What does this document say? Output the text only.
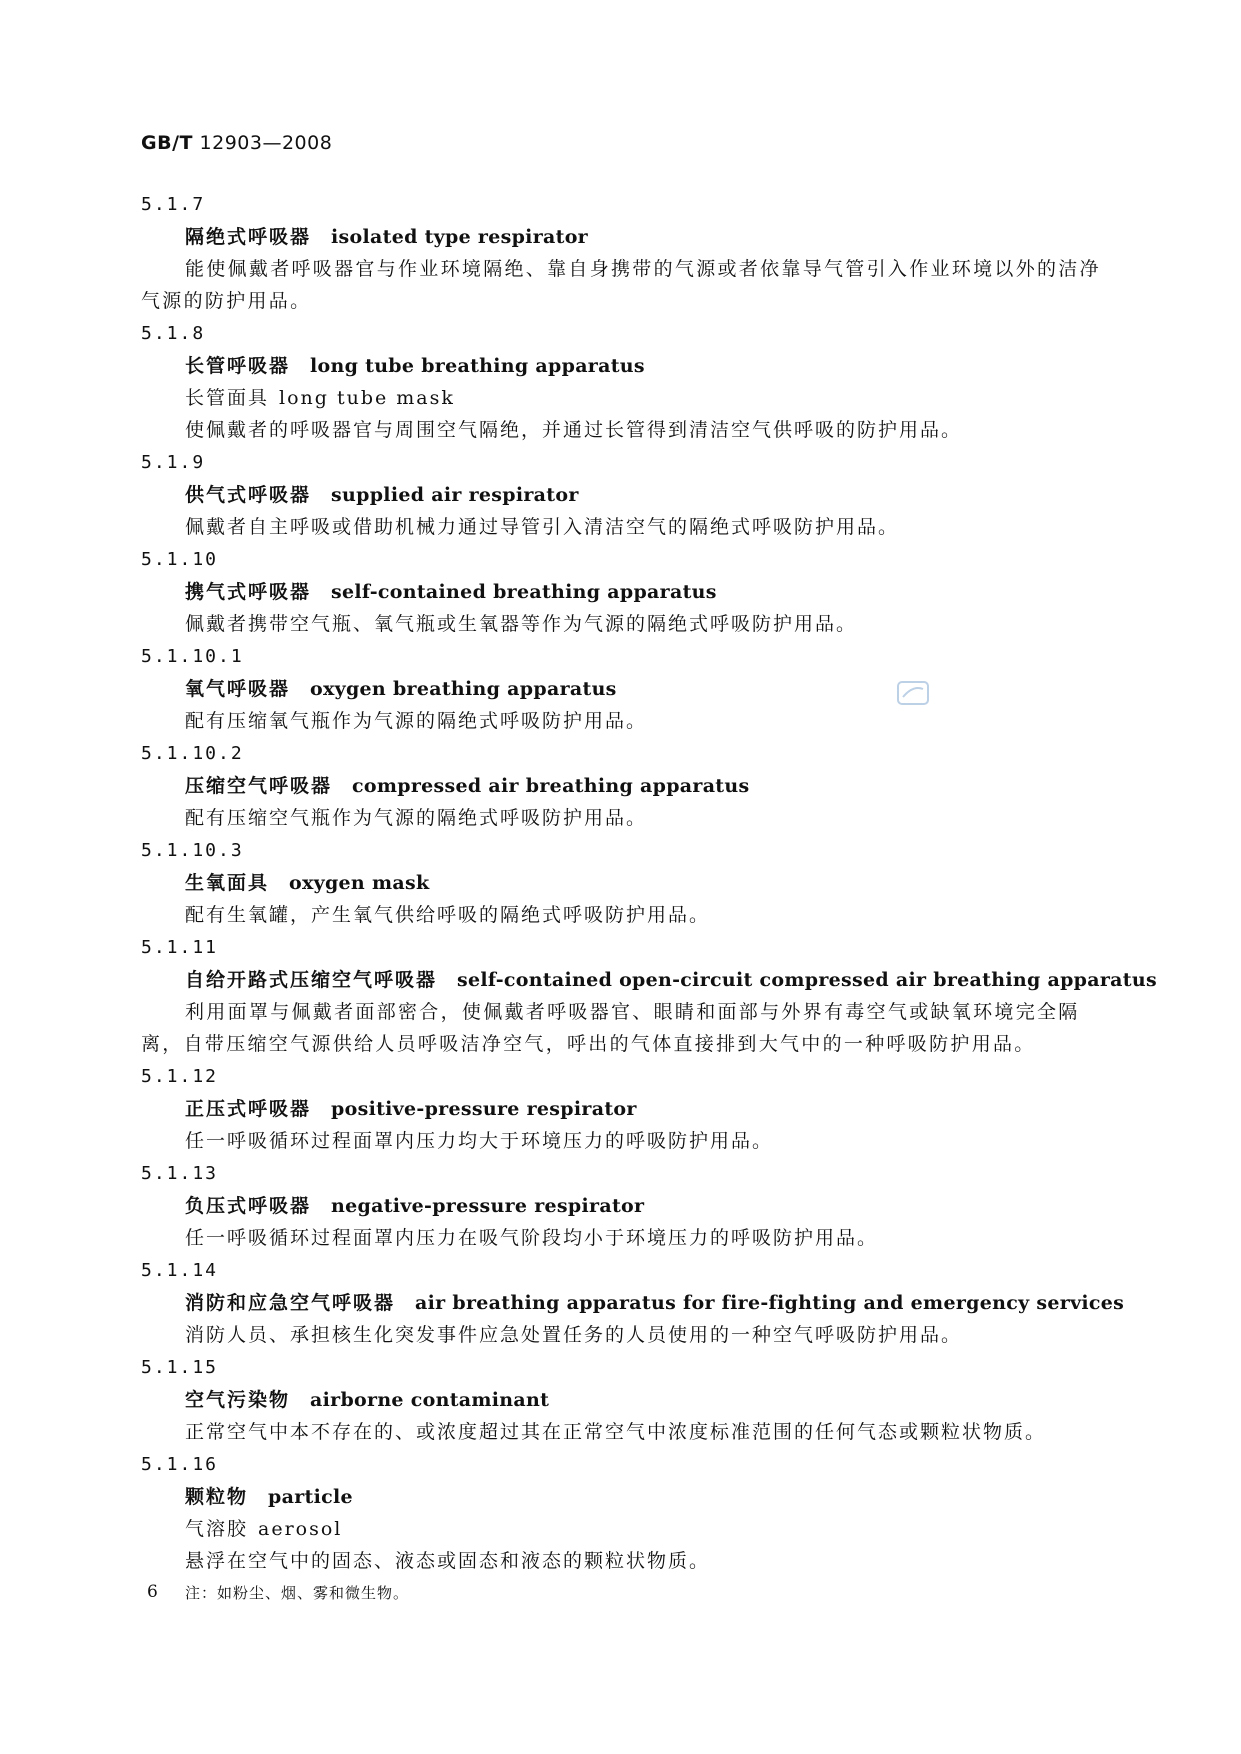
GB/T 12903—2008
5.1.7
隔绝式呼吸器 isolated type respirator
能使佩戴者呼吸器官与作业环境隔绝、靠自身携带的气源或者依靠导气管引入作业环境以外的洁净气源的防护用品。
5.1.8
长管呼吸器 long tube breathing apparatus
长管面具 long tube mask
使佩戴者的呼吸器官与周围空气隔绝，并通过长管得到清洁空气供呼吸的防护用品。
5.1.9
供气式呼吸器 supplied air respirator
佩戴者自主呼吸或借助机械力通过导管引入清洁空气的隔绝式呼吸防护用品。
5.1.10
携气式呼吸器 self-contained breathing apparatus
佩戴者携带空气瓶、氧气瓶或生氧器等作为气源的隔绝式呼吸防护用品。
5.1.10.1
氧气呼吸器 oxygen breathing apparatus
配有压缩氧气瓶作为气源的隔绝式呼吸防护用品。
5.1.10.2
压缩空气呼吸器 compressed air breathing apparatus
配有压缩空气瓶作为气源的隔绝式呼吸防护用品。
5.1.10.3
生氧面具 oxygen mask
配有生氧罐，产生氧气供给呼吸的隔绝式呼吸防护用品。
5.1.11
自给开路式压缩空气呼吸器 self-contained open-circuit compressed air breathing apparatus
利用面罩与佩戴者面部密合，使佩戴者呼吸器官、眼睛和面部与外界有毒空气或缺氧环境完全隔离，自带压缩空气源供给人员呼吸洁净空气，呼出的气体直接排到大气中的一种呼吸防护用品。
5.1.12
正压式呼吸器 positive-pressure respirator
任一呼吸循环过程面罩内压力均大于环境压力的呼吸防护用品。
5.1.13
负压式呼吸器 negative-pressure respirator
任一呼吸循环过程面罩内压力在吸气阶段均小于环境压力的呼吸防护用品。
5.1.14
消防和应急空气呼吸器 air breathing apparatus for fire-fighting and emergency services
消防人员、承担核生化突发事件应急处置任务的人员使用的一种空气呼吸防护用品。
5.1.15
空气污染物 airborne contaminant
正常空气中本不存在的、或浓度超过其在正常空气中浓度标准范围的任何气态或颗粒状物质。
5.1.16
颗粒物 particle
气溶胶 aerosol
悬浮在空气中的固态、液态或固态和液态的颗粒状物质。
注：如粉尘、烟、雾和微生物。
6
